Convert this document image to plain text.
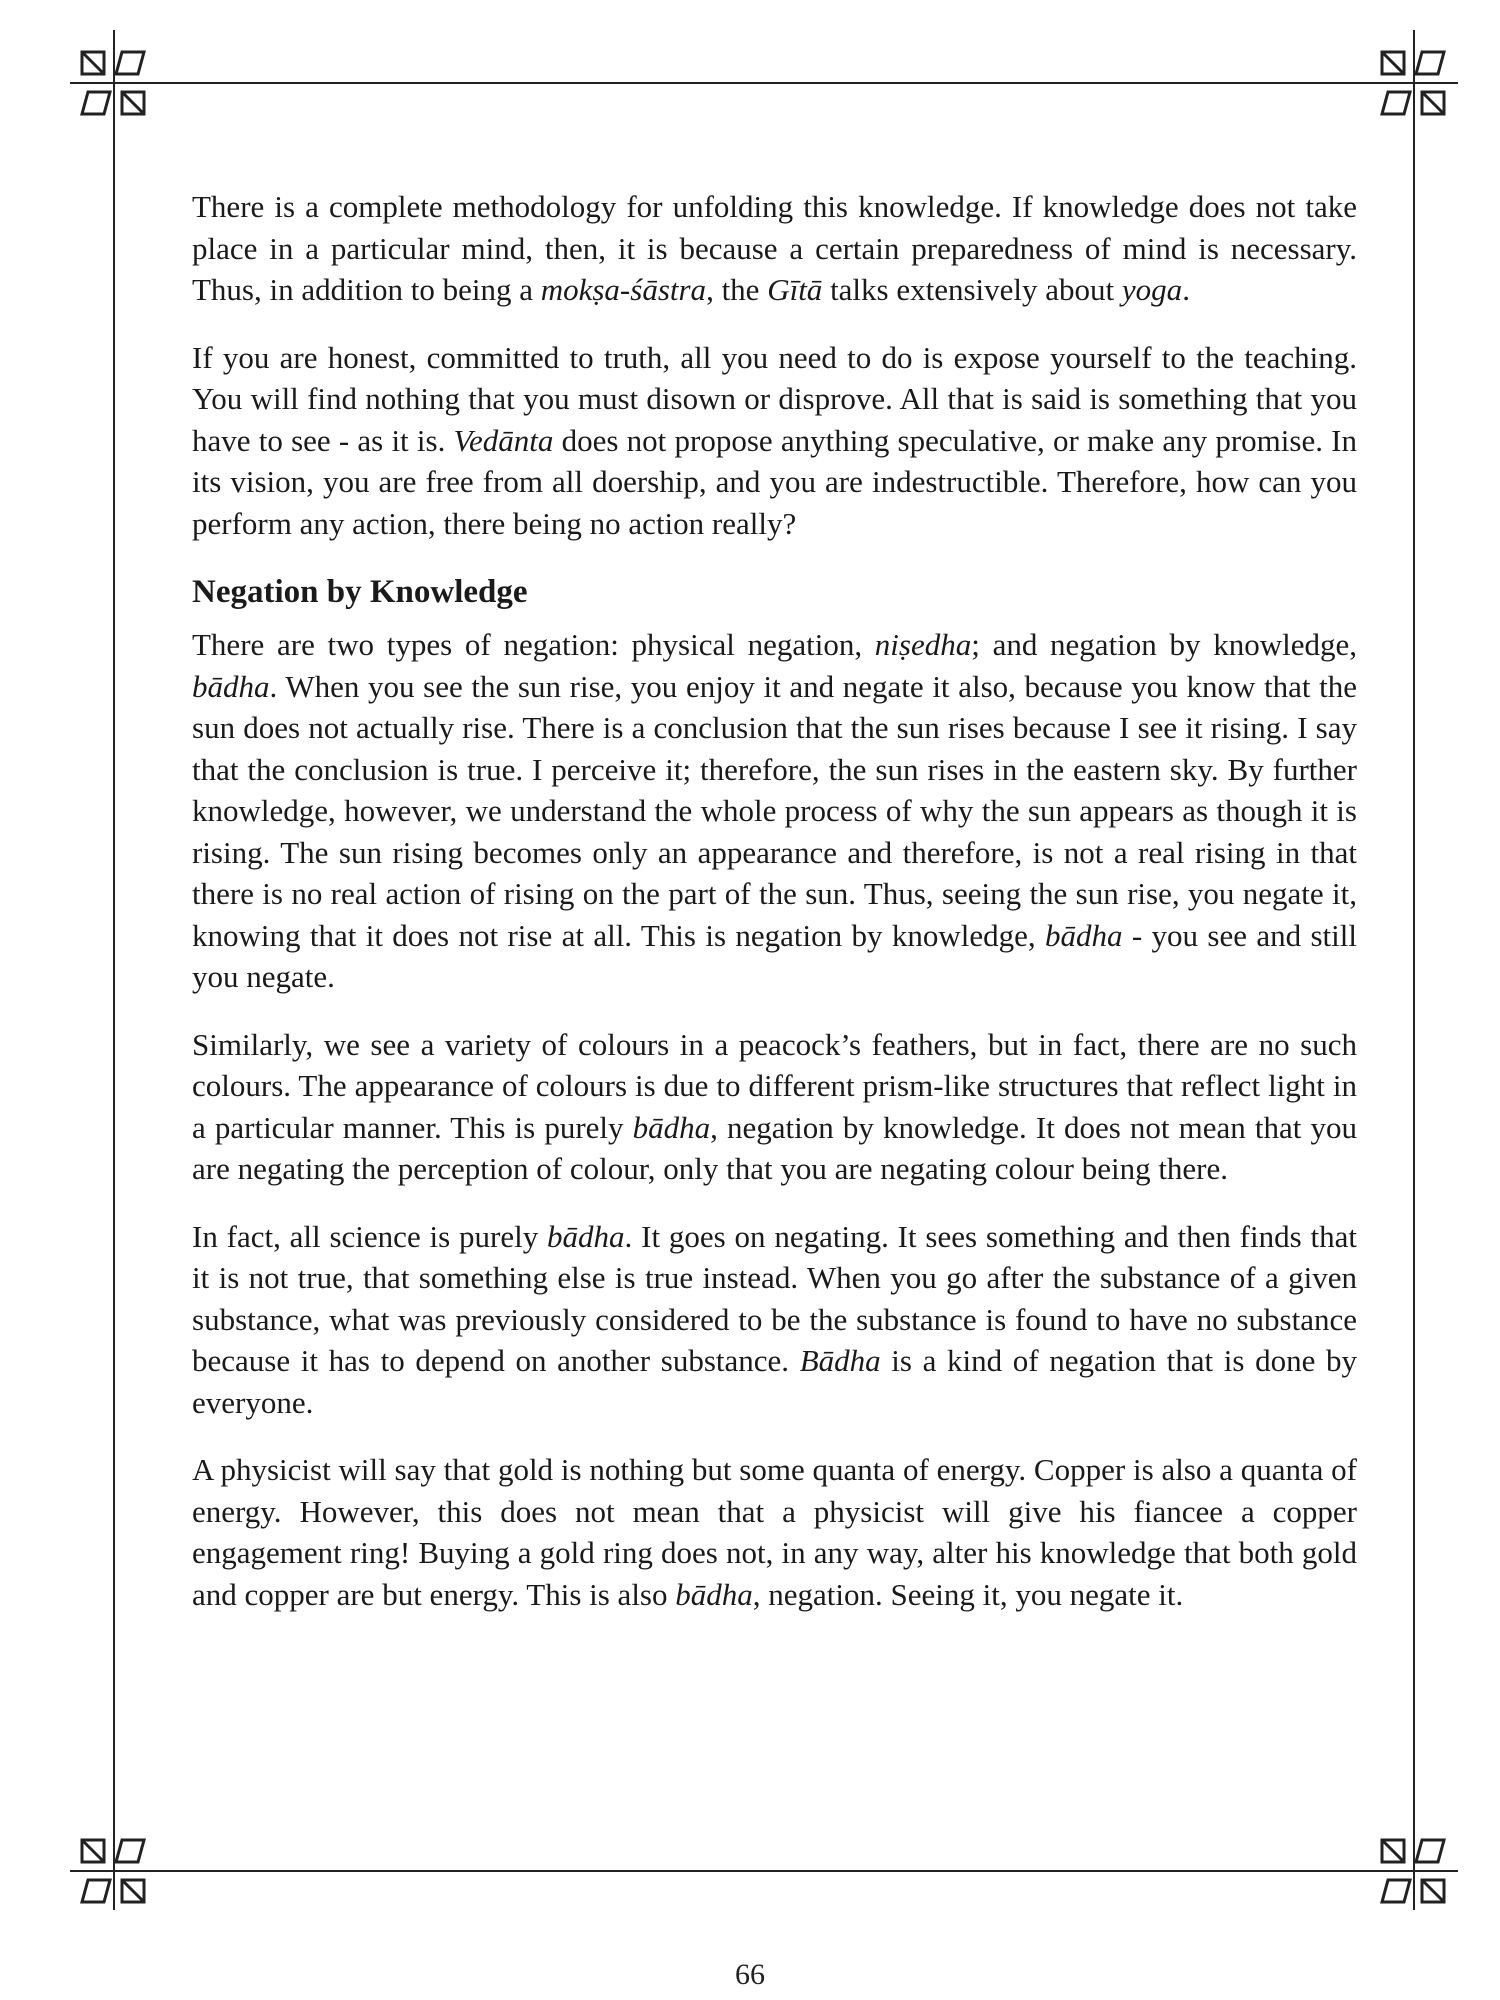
There is a complete methodology for unfolding this knowledge. If knowledge does not take place in a particular mind, then, it is because a certain preparedness of mind is necessary. Thus, in addition to being a mokṣa-śāstra, the Gītā talks extensively about yoga.

If you are honest, committed to truth, all you need to do is expose yourself to the teaching. You will find nothing that you must disown or disprove. All that is said is something that you have to see - as it is. Vedānta does not propose anything speculative, or make any promise. In its vision, you are free from all doership, and you are indestructible. Therefore, how can you perform any action, there being no action really?

Negation by Knowledge

There are two types of negation: physical negation, niṣedha; and negation by knowledge, bādha. When you see the sun rise, you enjoy it and negate it also, because you know that the sun does not actually rise. There is a conclusion that the sun rises because I see it rising. I say that the conclusion is true. I perceive it; therefore, the sun rises in the eastern sky. By further knowledge, however, we understand the whole process of why the sun appears as though it is rising. The sun rising becomes only an appearance and therefore, is not a real rising in that there is no real action of rising on the part of the sun. Thus, seeing the sun rise, you negate it, knowing that it does not rise at all. This is negation by knowledge, bādha - you see and still you negate.

Similarly, we see a variety of colours in a peacock’s feathers, but in fact, there are no such colours. The appearance of colours is due to different prism-like structures that reflect light in a particular manner. This is purely bādha, negation by knowledge. It does not mean that you are negating the perception of colour, only that you are negating colour being there.

In fact, all science is purely bādha. It goes on negating. It sees something and then finds that it is not true, that something else is true instead. When you go after the substance of a given substance, what was previously considered to be the substance is found to have no substance because it has to depend on another substance. Bādha is a kind of negation that is done by everyone.

A physicist will say that gold is nothing but some quanta of energy. Copper is also a quanta of energy. However, this does not mean that a physicist will give his fiancee a copper engagement ring! Buying a gold ring does not, in any way, alter his knowledge that both gold and copper are but energy. This is also bādha, negation. Seeing it, you negate it.

66
